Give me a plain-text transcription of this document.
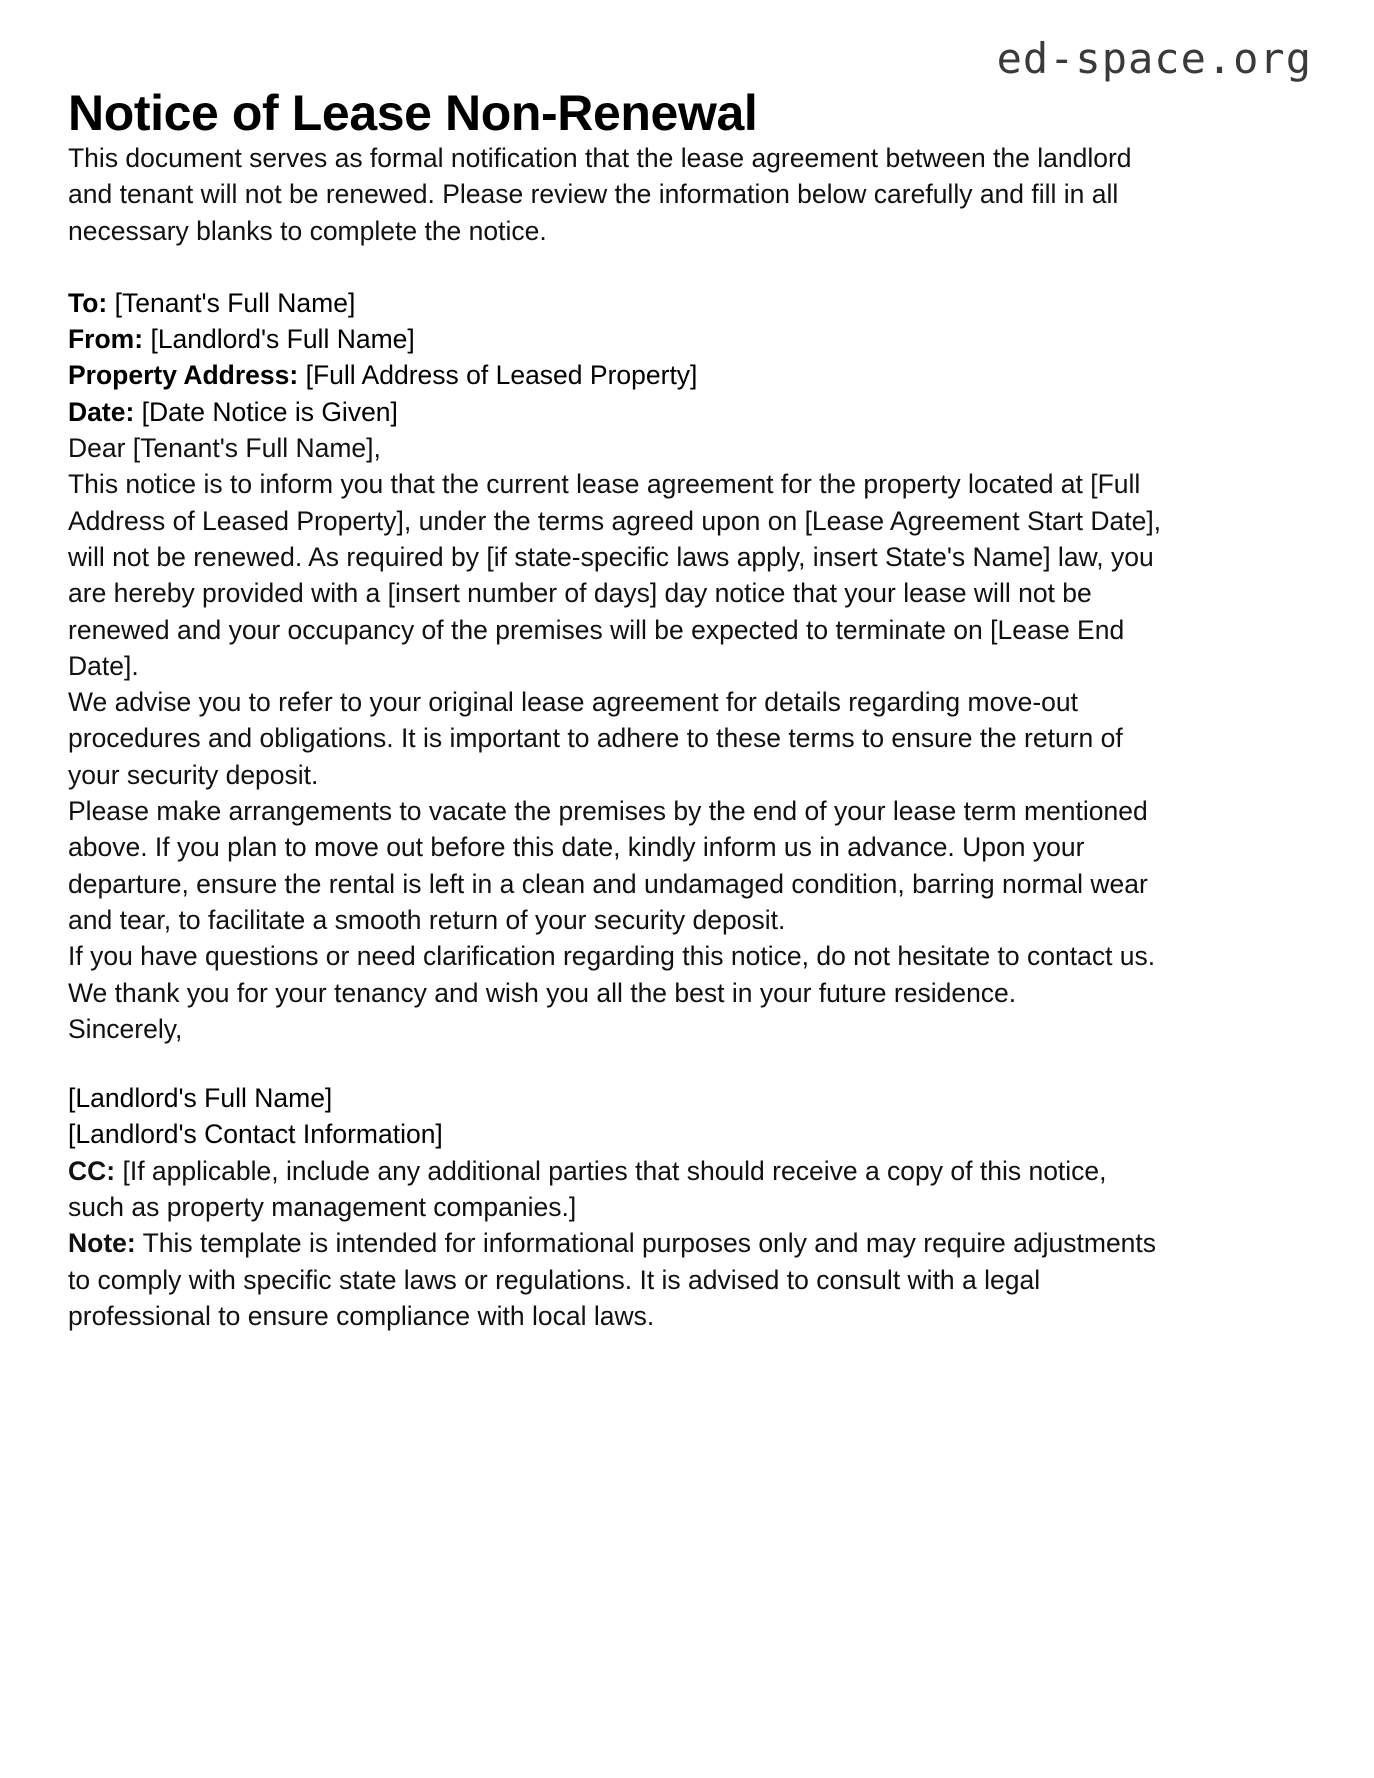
ed-space.org
Notice of Lease Non-Renewal

This document serves as formal notification that the lease agreement between the landlord and tenant will not be renewed. Please review the information below carefully and fill in all necessary blanks to complete the notice.

To: [Tenant's Full Name]
From: [Landlord's Full Name]
Property Address: [Full Address of Leased Property]
Date: [Date Notice is Given]

Dear [Tenant's Full Name],

This notice is to inform you that the current lease agreement for the property located at [Full Address of Leased Property], under the terms agreed upon on [Lease Agreement Start Date], will not be renewed. As required by [if state-specific laws apply, insert State's Name] law, you are hereby provided with a [insert number of days] day notice that your lease will not be renewed and your occupancy of the premises will be expected to terminate on [Lease End Date].

We advise you to refer to your original lease agreement for details regarding move-out procedures and obligations. It is important to adhere to these terms to ensure the return of your security deposit.

Please make arrangements to vacate the premises by the end of your lease term mentioned above. If you plan to move out before this date, kindly inform us in advance. Upon your departure, ensure the rental is left in a clean and undamaged condition, barring normal wear and tear, to facilitate a smooth return of your security deposit.

If you have questions or need clarification regarding this notice, do not hesitate to contact us.

We thank you for your tenancy and wish you all the best in your future residence.

Sincerely,

[Landlord's Full Name]
[Landlord's Contact Information]

CC: [If applicable, include any additional parties that should receive a copy of this notice, such as property management companies.]

Note: This template is intended for informational purposes only and may require adjustments to comply with specific state laws or regulations. It is advised to consult with a legal professional to ensure compliance with local laws.
